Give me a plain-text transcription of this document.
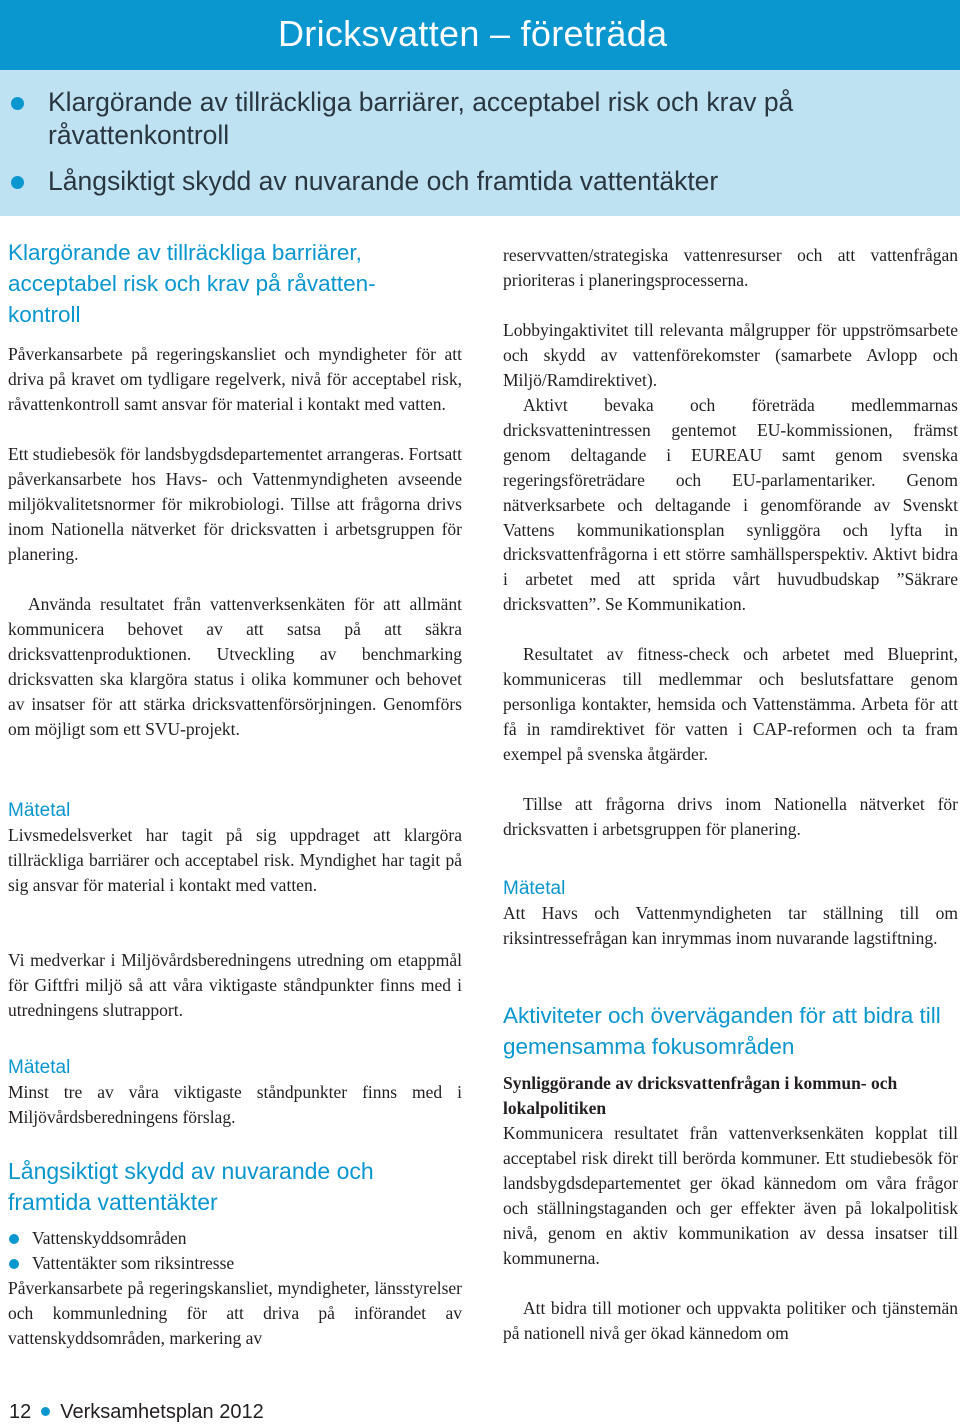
Dricksvatten – företräda
Klargörande av tillräckliga barriärer, acceptabel risk och krav på råvattenkontroll
Långsiktigt skydd av nuvarande och framtida vattentäkter
Klargörande av tillräckliga barriärer, acceptabel risk och krav på råvatten-kontroll
Påverkansarbete på regeringskansliet och myndigheter för att driva på kravet om tydligare regelverk, nivå för acceptabel risk, råvattenkontroll samt ansvar för material i kontakt med vatten.
Ett studiebesök för landsbygdsdepartementet arrangeras. Fortsatt påverkansarbete hos Havs- och Vattenmyndigheten avseende miljökvalitetsnormer för mikrobiologi. Tillse att frågorna drivs inom Nationella nätverket för dricksvatten i arbetsgruppen för planering.
Använda resultatet från vattenverksenkäten för att allmänt kommunicera behovet av att satsa på att säkra dricksvattenproduktionen. Utveckling av benchmarking dricksvatten ska klargöra status i olika kommuner och behovet av insatser för att stärka dricksvattenförsörjningen. Genomförs om möjligt som ett SVU-projekt.
Mätetal
Livsmedelsverket har tagit på sig uppdraget att klargöra tillräckliga barriärer och acceptabel risk. Myndighet har tagit på sig ansvar för material i kontakt med vatten.
Vi medverkar i Miljövårdsberedningens utredning om etappmål för Giftfri miljö så att våra viktigaste ståndpunkter finns med i utredningens slutrapport.
Mätetal
Minst tre av våra viktigaste ståndpunkter finns med i Miljövårdsberedningens förslag.
Långsiktigt skydd av nuvarande och framtida vattentäkter
Vattenskyddsområden
Vattentäkter som riksintresse
Påverkansarbete på regeringskansliet, myndigheter, länsstyrelser och kommunledning för att driva på införandet av vattenskyddsområden, markering av
reservvatten/strategiska vattenresurser och att vattenfrågan prioriteras i planeringsprocesserna.
Lobbyingaktivitet till relevanta målgrupper för uppströmsarbete och skydd av vattenförekomster (samarbete Avlopp och Miljö/Ramdirektivet).
Aktivt bevaka och företräda medlemmarnas dricksvattenintressen gentemot EU-kommissionen, främst genom deltagande i EUREAU samt genom svenska regeringsföreträdare och EU-parlamentariker. Genom nätverksarbete och deltagande i genomförande av Svenskt Vattens kommunikationsplan synliggöra och lyfta in dricksvattenfrågorna i ett större samhällsperspektiv. Aktivt bidra i arbetet med att sprida vårt huvudbudskap ”Säkrare dricksvatten”. Se Kommunikation.
Resultatet av fitness-check och arbetet med Blueprint, kommuniceras till medlemmar och beslutsfattare genom personliga kontakter, hemsida och Vattenstämma. Arbeta för att få in ramdirektivet för vatten i CAP-reformen och ta fram exempel på svenska åtgärder.
Tillse att frågorna drivs inom Nationella nätverket för dricksvatten i arbetsgruppen för planering.
Mätetal
Att Havs och Vattenmyndigheten tar ställning till om riksintressefrågan kan inrymmas inom nuvarande lagstiftning.
Aktiviteter och överväganden för att bidra till gemensamma fokusområden
Synliggörande av dricksvattenfrågan i kommun- och lokalpolitiken
Kommunicera resultatet från vattenverksenkäten kopplat till acceptabel risk direkt till berörda kommuner. Ett studiebesök för landsbygdsdepartementet ger ökad kännedom om våra frågor och ställningstaganden och ger effekter även på lokalpolitisk nivå, genom en aktiv kommunikation av dessa insatser till kommunerna.
Att bidra till motioner och uppvakta politiker och tjänstemän på nationell nivå ger ökad kännedom om
12 Verksamhetsplan 2012
